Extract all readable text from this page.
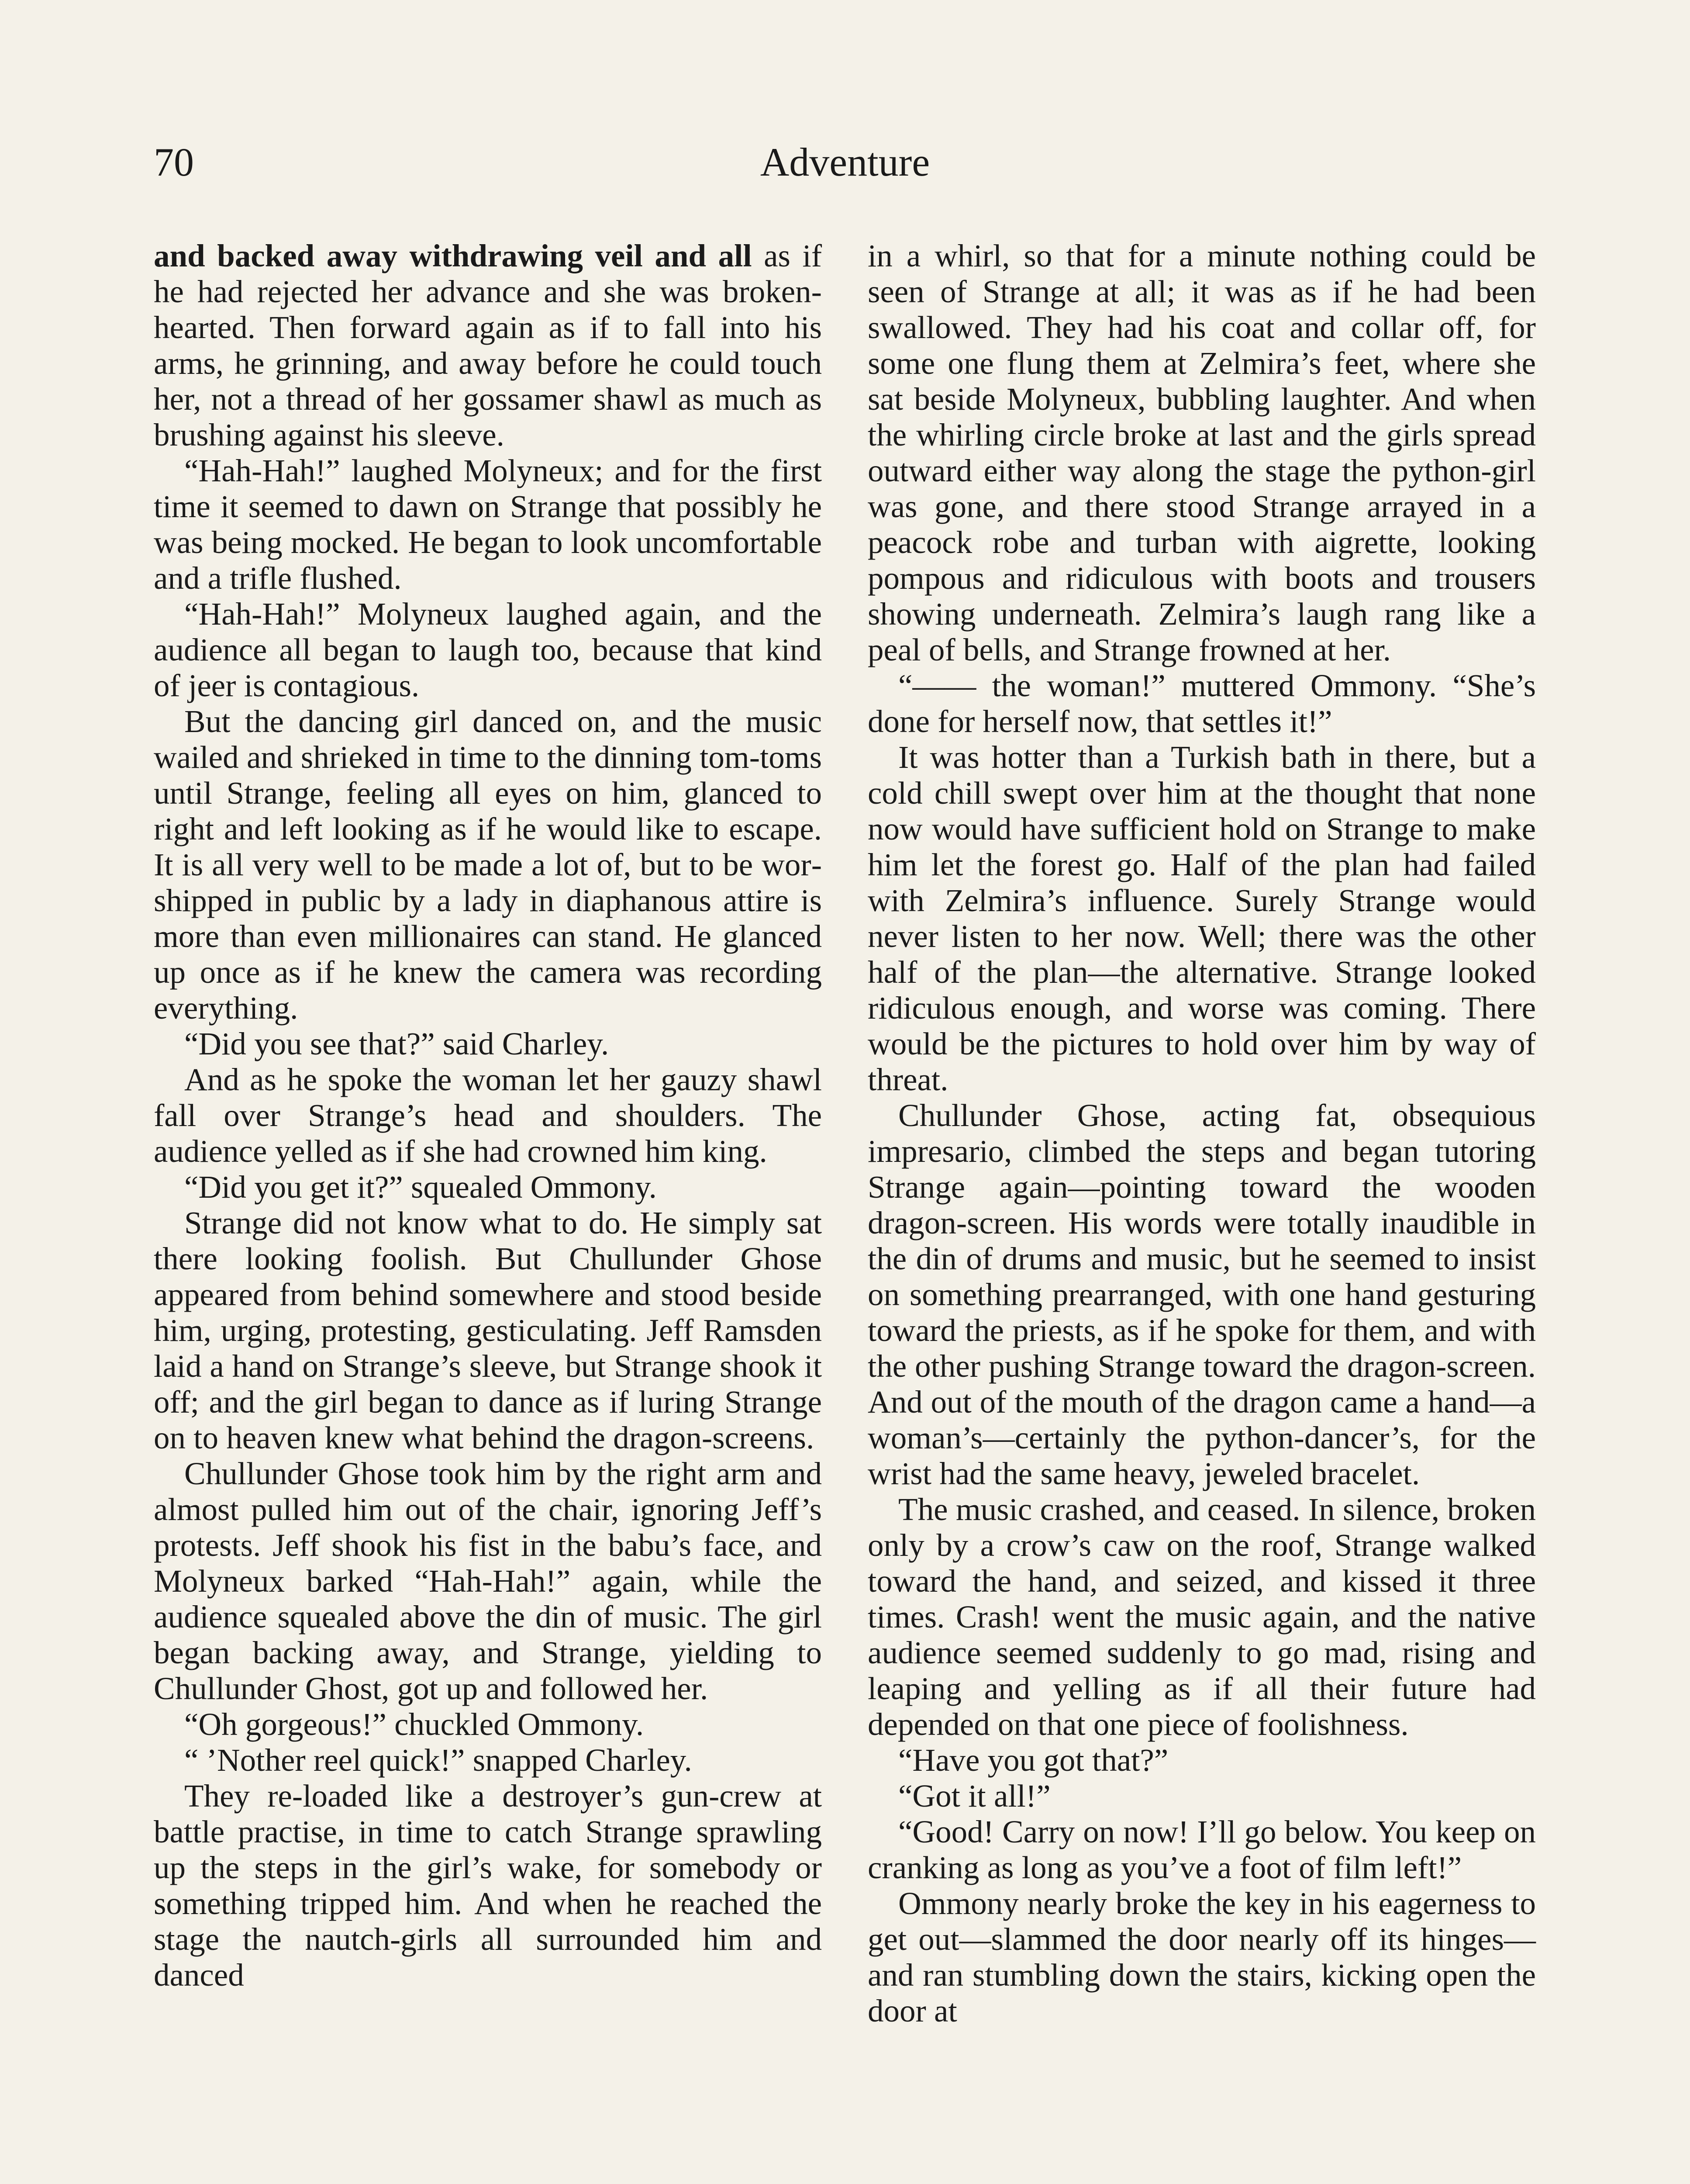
70	Adventure

and backed away withdrawing veil and all as if he had rejected her advance and she was broken-hearted. Then forward again as if to fall into his arms, he grinning, and away before he could touch her, not a thread of her gossamer shawl as much as brushing against his sleeve.

“Hah-Hah!” laughed Molyneux; and for the first time it seemed to dawn on Strange that possibly he was being mocked. He began to look uncomfortable and a trifle flushed.

“Hah-Hah!” Molyneux laughed again, and the audience all began to laugh too, because that kind of jeer is contagious.

But the dancing girl danced on, and the music wailed and shrieked in time to the dinning tom-toms until Strange, feeling all eyes on him, glanced to right and left looking as if he would like to escape. It is all very well to be made a lot of, but to be worshipped in public by a lady in diaphanous attire is more than even millionaires can stand. He glanced up once as if he knew the camera was recording everything.

“Did you see that?” said Charley.

And as he spoke the woman let her gauzy shawl fall over Strange’s head and shoulders. The audience yelled as if she had crowned him king.

“Did you get it?” squealed Ommony.

Strange did not know what to do. He simply sat there looking foolish. But Chullunder Ghose appeared from behind somewhere and stood beside him, urging, protesting, gesticulating. Jeff Ramsden laid a hand on Strange’s sleeve, but Strange shook it off; and the girl began to dance as if luring Strange on to heaven knew what behind the dragon-screens.

Chullunder Ghose took him by the right arm and almost pulled him out of the chair, ignoring Jeff’s protests. Jeff shook his fist in the babu’s face, and Molyneux barked “Hah-Hah!” again, while the audience squealed above the din of music. The girl began backing away, and Strange, yielding to Chullunder Ghost, got up and followed her.

“Oh gorgeous!” chuckled Ommony.

“ ’Nother reel quick!” snapped Charley.

They re-loaded like a destroyer’s gun-crew at battle practise, in time to catch Strange sprawling up the steps in the girl’s wake, for somebody or something tripped him. And when he reached the stage the nautch-girls all surrounded him and danced

in a whirl, so that for a minute nothing could be seen of Strange at all; it was as if he had been swallowed. They had his coat and collar off, for some one flung them at Zelmira’s feet, where she sat beside Molyneux, bubbling laughter. And when the whirling circle broke at last and the girls spread outward either way along the stage the python-girl was gone, and there stood Strange arrayed in a peacock robe and turban with aigrette, looking pompous and ridiculous with boots and trousers showing underneath. Zelmira’s laugh rang like a peal of bells, and Strange frowned at her.

“—— the woman!” muttered Ommony. “She’s done for herself now, that settles it!”

It was hotter than a Turkish bath in there, but a cold chill swept over him at the thought that none now would have sufficient hold on Strange to make him let the forest go. Half of the plan had failed with Zelmira’s influence. Surely Strange would never listen to her now. Well; there was the other half of the plan—the alternative. Strange looked ridiculous enough, and worse was coming. There would be the pictures to hold over him by way of threat.

Chullunder Ghose, acting fat, obsequious impresario, climbed the steps and began tutoring Strange again—pointing toward the wooden dragon-screen. His words were totally inaudible in the din of drums and music, but he seemed to insist on something prearranged, with one hand gesturing toward the priests, as if he spoke for them, and with the other pushing Strange toward the dragon-screen. And out of the mouth of the dragon came a hand—a woman’s—certainly the python-dancer’s, for the wrist had the same heavy, jeweled bracelet.

The music crashed, and ceased. In silence, broken only by a crow’s caw on the roof, Strange walked toward the hand, and seized, and kissed it three times. Crash! went the music again, and the native audience seemed suddenly to go mad, rising and leaping and yelling as if all their future had depended on that one piece of foolishness.

“Have you got that?”

“Got it all!”

“Good! Carry on now! I’ll go below. You keep on cranking as long as you’ve a foot of film left!”

Ommony nearly broke the key in his eagerness to get out—slammed the door nearly off its hinges—and ran stumbling down the stairs, kicking open the door at
